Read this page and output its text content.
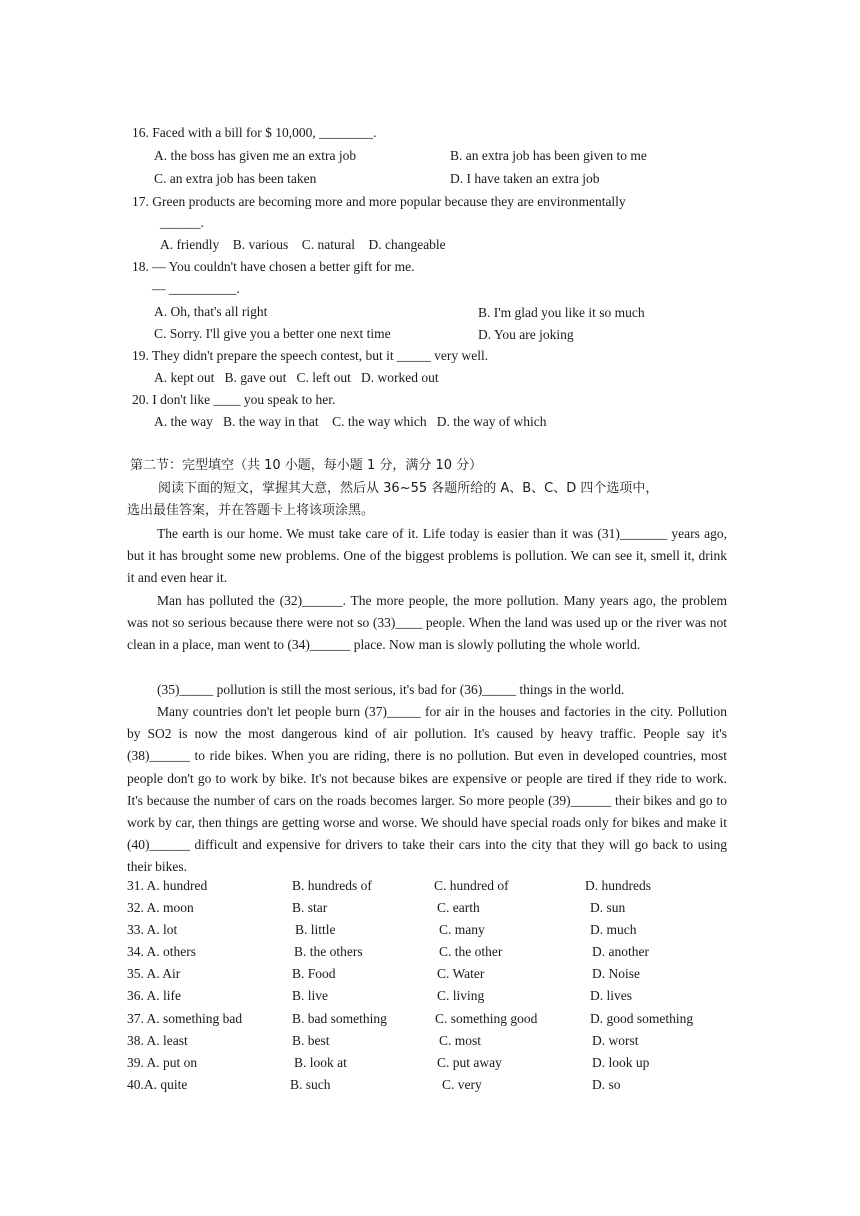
16. Faced with a bill for $ 10,000, ________.
A. the boss has given me an extra job	B. an extra job has been given to me
C. an extra job has been taken	D. I have taken an extra job
17. Green products are becoming more and more popular because they are environmentally
______.
A. friendly    B. various    C. natural    D. changeable
18. — You couldn't have chosen a better gift for me.
— __________.
A. Oh, that's all right	B. I'm glad you like it so much
C. Sorry. I'll give you a better one next time	D. You are joking
19. They didn't prepare the speech contest, but it _____ very well.
A. kept out   B. gave out   C. left out   D. worked out
20. I don't like ____ you speak to her.
A. the way   B. the way in that    C. the way which   D. the way of which
第二节：完型填空（共 10 小题，每小题 1 分，满分 10 分）
阅读下面的短文，掌握其大意，然后从 36~55 各题所给的 A、B、C、D 四个选项中，
选出最佳答案，并在答题卡上将该项涂黑。
The earth is our home. We must take care of it. Life today is easier than it was (31)_______ years ago, but it has brought some new problems. One of the biggest problems is pollution. We can see it, smell it, drink it and even hear it.
Man has polluted the (32)______. The more people, the more pollution. Many years ago, the problem was not so serious because there were not so (33)____ people. When the land was used up or the river was not clean in a place, man went to (34)______ place. Now man is slowly polluting the whole world.
(35)_____ pollution is still the most serious, it's bad for (36)_____ things in the world.
Many countries don't let people burn (37)_____ for air in the houses and factories in the city. Pollution by SO2 is now the most dangerous kind of air pollution. It's caused by heavy traffic. People say it's (38)______ to ride bikes. When you are riding, there is no pollution. But even in developed countries, most people don't go to work by bike. It's not because bikes are expensive or people are tired if they ride to work. It's because the number of cars on the roads becomes larger. So more people (39)______ their bikes and go to work by car, then things are getting worse and worse. We should have special roads only for bikes and make it (40)______ difficult and expensive for drivers to take their cars into the city that they will go back to using their bikes.
31. A. hundred	B. hundreds of	C. hundred of	D. hundreds
32. A. moon	B. star	C. earth	D. sun
33. A. lot	B. little	C. many	D. much
34. A. others	B. the others	C. the other	D. another
35. A. Air	B. Food	C. Water	D. Noise
36. A. life	B. live	C. living	D. lives
37. A. something bad	B. bad something	C. something good	D. good something
38. A. least	B. best	C. most	D. worst
39. A. put on	B. look at	C. put away	D. look up
40.A. quite	B. such	C. very	D. so
